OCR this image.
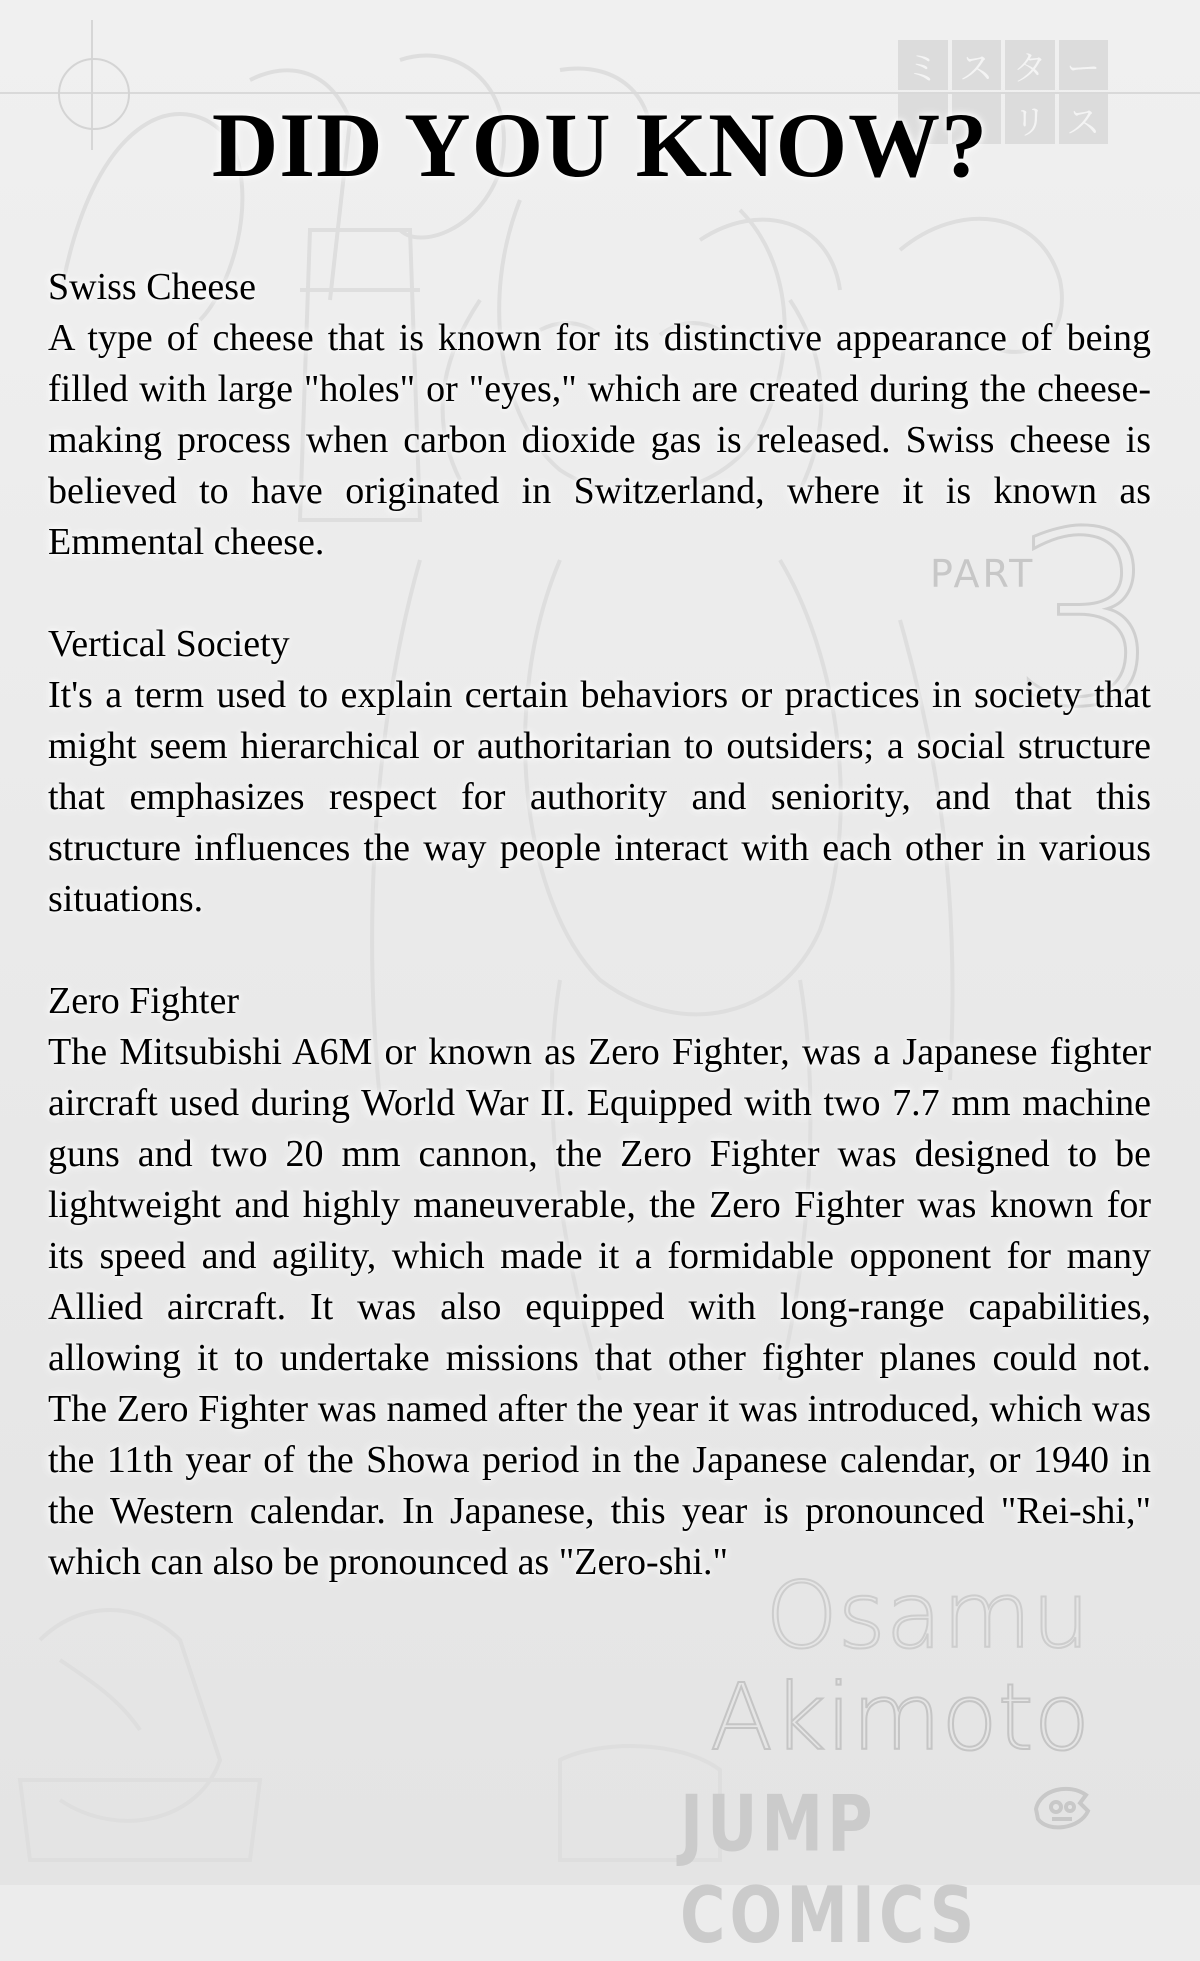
ミ ス タ ー
リ ス
PART
3
Osamu
Akimoto
JUMP COMICS
DID YOU KNOW?
Swiss Cheese

A type of cheese that is known for its distinctive appearance of being filled with large "holes" or "eyes," which are created during the cheese-making process when carbon dioxide gas is released. Swiss cheese is believed to have originated in Switzerland, where it is known as Emmental cheese.

Vertical Society

It's a term used to explain certain behaviors or practices in society that might seem hierarchical or authoritarian to outsiders; a social structure that emphasizes respect for authority and seniority, and that this structure influences the way people interact with each other in various situations.

Zero Fighter

The Mitsubishi A6M or known as Zero Fighter, was a Japanese fighter aircraft used during World War II. Equipped with two 7.7 mm machine guns and two 20 mm cannon, the Zero Fighter was designed to be lightweight and highly maneuverable, the Zero Fighter was known for its speed and agility, which made it a formidable opponent for many Allied aircraft. It was also equipped with long-range capabilities, allowing it to undertake missions that other fighter planes could not. The Zero Fighter was named after the year it was introduced, which was the 11th year of the Showa period in the Japanese calendar, or 1940 in the Western calendar. In Japanese, this year is pronounced "Rei-shi," which can also be pronounced as "Zero-shi."
